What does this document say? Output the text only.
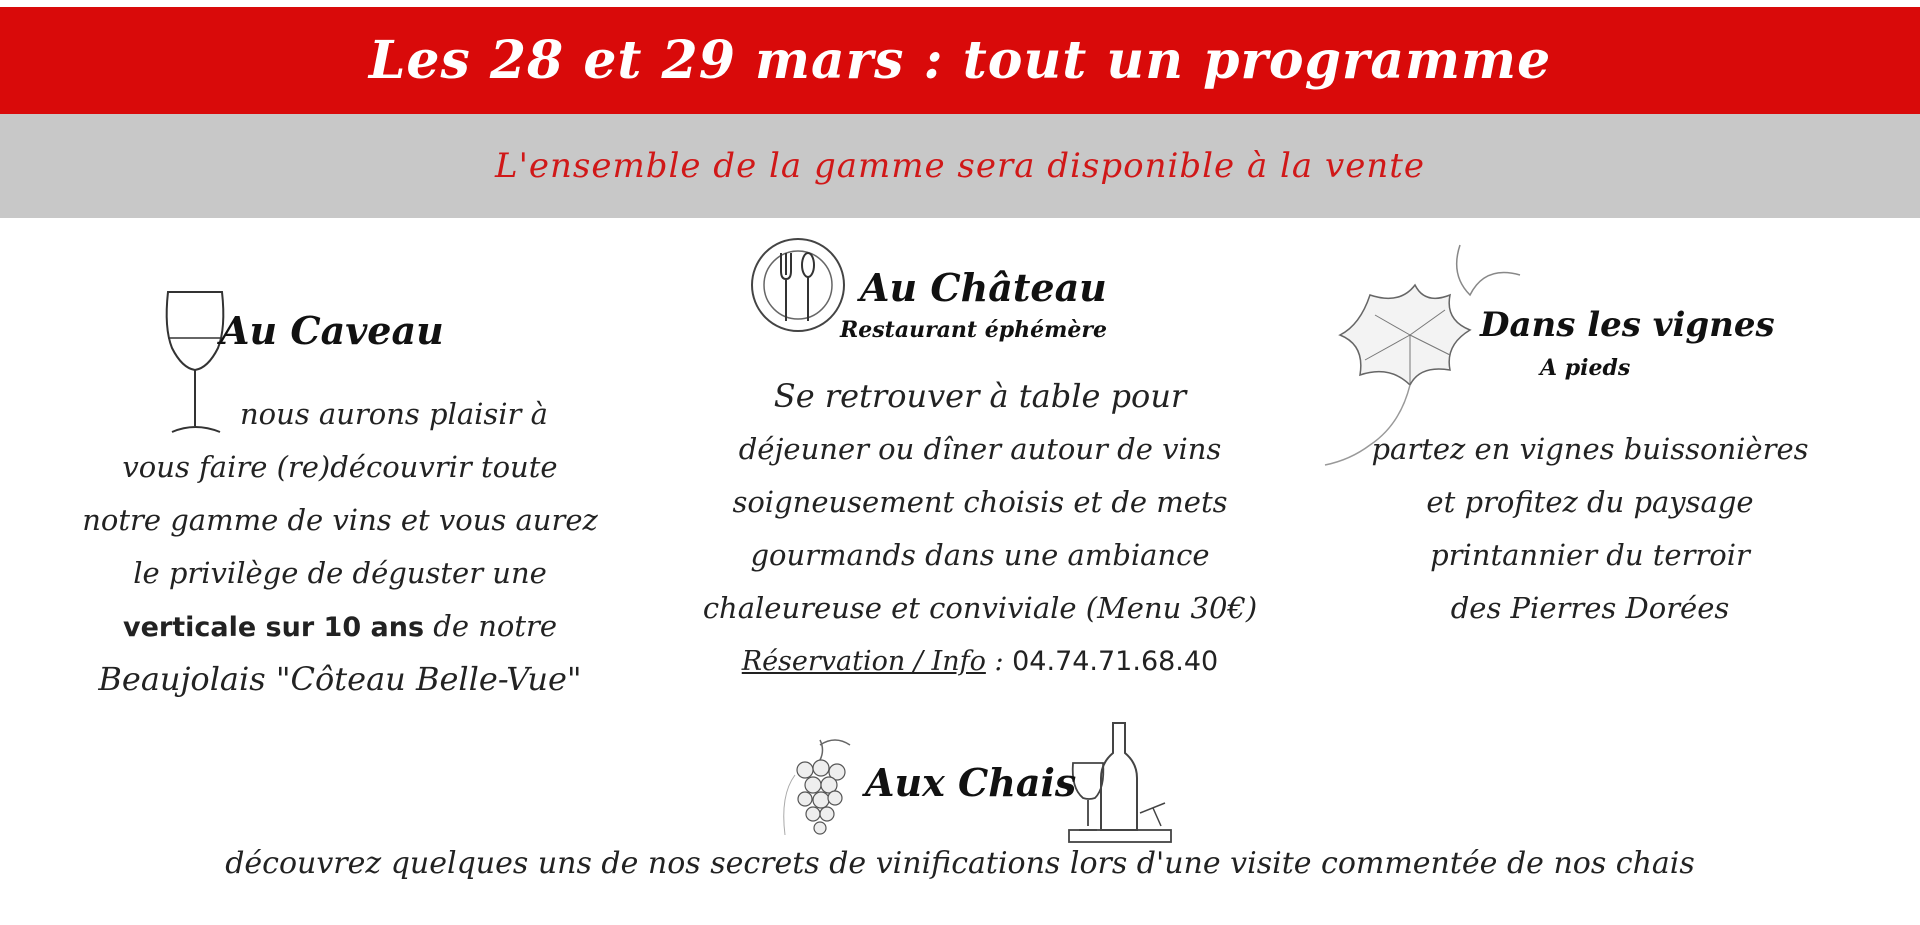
Les 28 et 29 mars : tout un programme
L'ensemble de la gamme sera disponible à la vente
Au Caveau
nous aurons plaisir à
vous faire (re)découvrir toute
notre gamme de vins et vous aurez
le privilège de déguster une
verticale sur 10 ans de notre
Beaujolais "Côteau Belle-Vue"
Au Château
Restaurant éphémère
Se retrouver à table pour
déjeuner ou dîner autour de vins
soigneusement choisis et de mets
gourmands dans une ambiance
chaleureuse et conviviale (Menu 30€)
Réservation / Info : 04.74.71.68.40
Dans les vignes
A pieds
partez en vignes buissonières
et profitez du paysage
printannier du terroir
des Pierres Dorées
Aux Chais
découvrez quelques uns de nos secrets de vinifications lors d'une visite commentée de nos chais
